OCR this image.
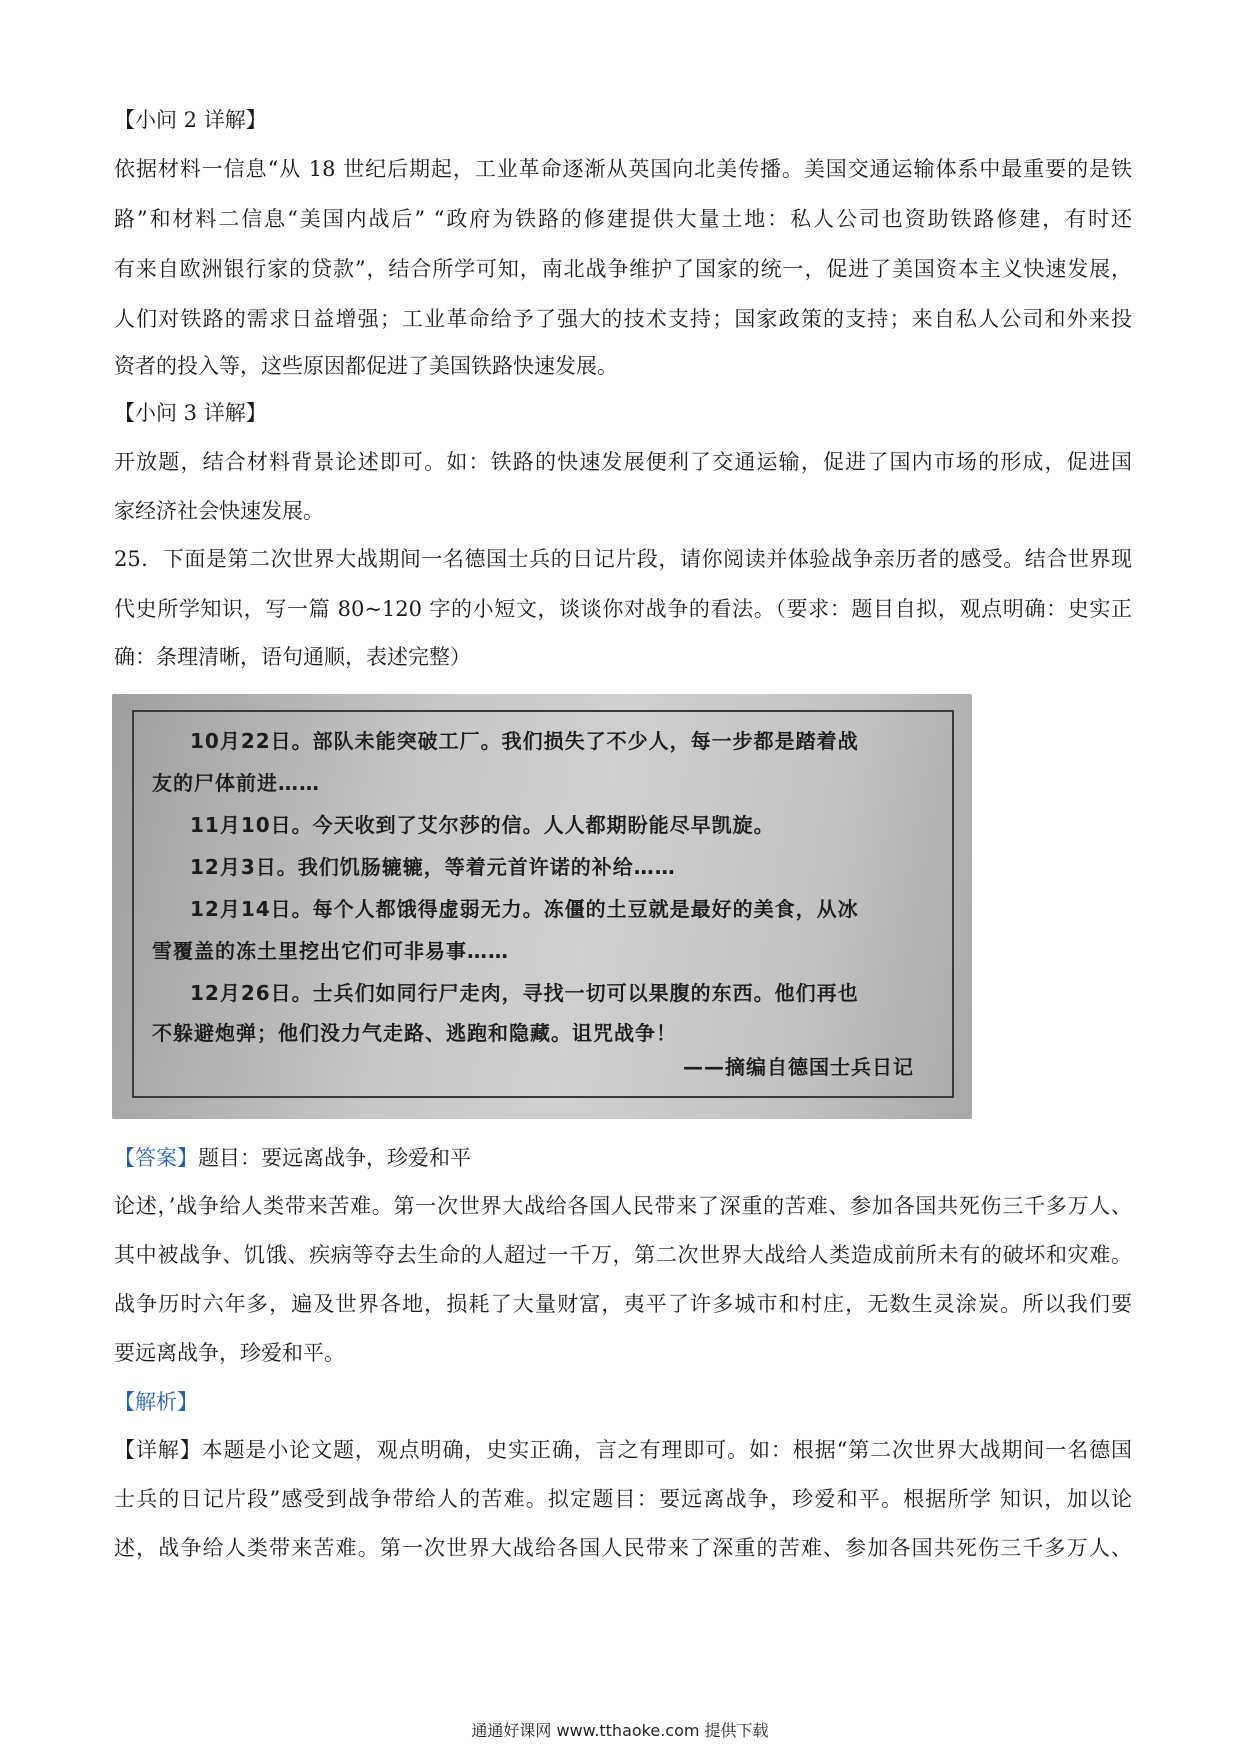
【小问 2 详解】
依据材料一信息“从 18 世纪后期起，工业革命逐渐从英国向北美传播。美国交通运输体系中最重要的是铁
路”和材料二信息“美国内战后” “政府为铁路的修建提供大量土地：私人公司也资助铁路修建，有时还
有来自欧洲银行家的贷款”，结合所学可知，南北战争维护了国家的统一，促进了美国资本主义快速发展，
人们对铁路的需求日益增强；工业革命给予了强大的技术支持；国家政策的支持；来自私人公司和外来投
资者的投入等，这些原因都促进了美国铁路快速发展。
【小问 3 详解】
开放题，结合材料背景论述即可。如：铁路的快速发展便利了交通运输，促进了国内市场的形成，促进国
家经济社会快速发展。
25．下面是第二次世界大战期间一名德国士兵的日记片段，请你阅读并体验战争亲历者的感受。结合世界现
代史所学知识，写一篇 80~120 字的小短文，谈谈你对战争的看法。（要求：题目自拟，观点明确：史实正
确：条理清晰，语句通顺，表述完整）
10月22日。部队未能突破工厂。我们损失了不少人，每一步都是踏着战
友的尸体前进……
11月10日。今天收到了艾尔莎的信。人人都期盼能尽早凯旋。
12月3日。我们饥肠辘辘，等着元首许诺的补给……
12月14日。每个人都饿得虚弱无力。冻僵的土豆就是最好的美食，从冰
雪覆盖的冻土里挖出它们可非易事……
12月26日。士兵们如同行尸走肉，寻找一切可以果腹的东西。他们再也
不躲避炮弹；他们没力气走路、逃跑和隐藏。诅咒战争！
——摘编自德国士兵日记
【答案】题目：要远离战争，珍爱和平
论述，’战争给人类带来苦难。第一次世界大战给各国人民带来了深重的苦难、参加各国共死伤三千多万人、
其中被战争、饥饿、疾病等夺去生命的人超过一千万，第二次世界大战给人类造成前所未有的破坏和灾难。
战争历时六年多，遍及世界各地，损耗了大量财富，夷平了许多城市和村庄，无数生灵涂炭。所以我们要
要远离战争，珍爱和平。
【解析】
【详解】本题是小论文题，观点明确，史实正确，言之有理即可。如：根据“第二次世界大战期间一名德国
士兵的日记片段”感受到战争带给人的苦难。拟定题目：要远离战争，珍爱和平。根据所学 知识，加以论
述，战争给人类带来苦难。第一次世界大战给各国人民带来了深重的苦难、参加各国共死伤三千多万人、
通通好课网 www.tthaoke.com 提供下载
